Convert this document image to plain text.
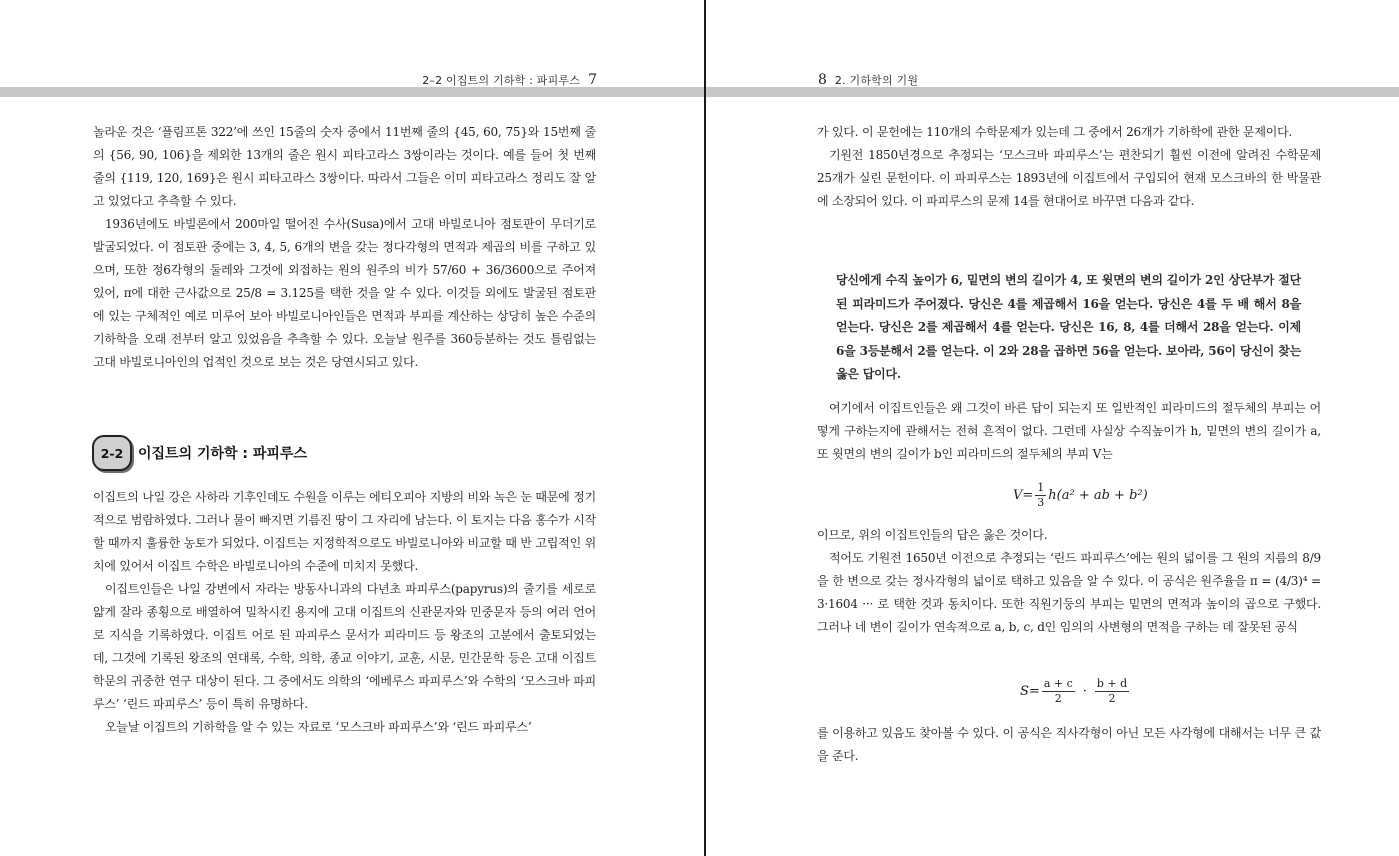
2–2 이집트의 기하학 : 파피루스 7	8 2. 기하학의 기원

놀라운 것은 ‘플림프톤 322’에 쓰인 15줄의 숫자 중에서 11번째 줄의 {45, 60, 75}와 15번째 줄의 {56, 90, 106}을 제외한 13개의 줄은 원시 피타고라스 3쌍이라는 것이다. 예를 들어 첫 번째 줄의 {119, 120, 169}은 원시 피타고라스 3쌍이다. 따라서 그들은 이미 피타고라스 정리도 잘 알고 있었다고 추측할 수 있다.

1936년에도 바빌론에서 200마일 떨어진 수사(Susa)에서 고대 바빌로니아 점토판이 무더기로 발굴되었다. 이 점토판 중에는 3, 4, 5, 6개의 변을 갖는 정다각형의 면적과 제곱의 비를 구하고 있으며, 또한 정6각형의 둘레와 그것에 외접하는 원의 원주의 비가 57/60 + 36/3600으로 주어져 있어, π에 대한 근사값으로 25/8 = 3.125를 택한 것을 알 수 있다. 이것들 외에도 발굴된 점토판에 있는 구체적인 예로 미루어 보아 바빌로니아인들은 면적과 부피를 계산하는 상당히 높은 수준의 기하학을 오래 전부터 알고 있었음을 추측할 수 있다. 오늘날 원주를 360등분하는 것도 틀림없는 고대 바빌로니아인의 업적인 것으로 보는 것은 당연시되고 있다.

2-2	이집트의 기하학 : 파피루스

이집트의 나일 강은 사하라 기후인데도 수원을 이루는 에티오피아 지방의 비와 녹은 눈 때문에 정기적으로 범람하였다. 그러나 물이 빠지면 기름진 땅이 그 자리에 남는다. 이 토지는 다음 홍수가 시작할 때까지 훌륭한 농토가 되었다. 이집트는 지정학적으로도 바빌로니아와 비교할 때 반 고립적인 위치에 있어서 이집트 수학은 바빌로니아의 수준에 미치지 못했다.

이집트인들은 나일 강변에서 자라는 방동사니과의 다년초 파피루스(papyrus)의 줄기를 세로로 얇게 잘라 종횡으로 배열하여 밀착시킨 용지에 고대 이집트의 신관문자와 민중문자 등의 여러 언어로 지식을 기록하였다. 이집트 어로 된 파피루스 문서가 피라미드 등 왕조의 고분에서 출토되었는데, 그것에 기록된 왕조의 연대록, 수학, 의학, 종교 이야기, 교훈, 시문, 민간문학 등은 고대 이집트 학문의 귀중한 연구 대상이 된다. 그 중에서도 의학의 ‘에베루스 파피루스’와 수학의 ‘모스크바 파피루스’ ‘린드 파피루스’ 등이 특히 유명하다.

오늘날 이집트의 기하학을 알 수 있는 자료로 ‘모스크바 파피루스’와 ‘린드 파피루스’

가 있다. 이 문헌에는 110개의 수학문제가 있는데 그 중에서 26개가 기하학에 관한 문제이다.

기원전 1850년경으로 추정되는 ‘모스크바 파피루스’는 편찬되기 훨씬 이전에 알려진 수학문제 25개가 실린 문헌이다. 이 파피루스는 1893년에 이집트에서 구입되어 현재 모스크바의 한 박물관에 소장되어 있다. 이 파피루스의 문제 14를 현대어로 바꾸면 다음과 같다.

당신에게 수직 높이가 6, 밑면의 변의 길이가 4, 또 윗면의 변의 길이가 2인 상단부가 절단된 피라미드가 주어졌다. 당신은 4를 제곱해서 16을 얻는다. 당신은 4를 두 배 해서 8을 얻는다. 당신은 2를 제곱해서 4를 얻는다. 당신은 16, 8, 4를 더해서 28을 얻는다. 이제 6을 3등분해서 2를 얻는다. 이 2와 28을 곱하면 56을 얻는다. 보아라, 56이 당신이 찾는 옳은 답이다.

여기에서 이집트인들은 왜 그것이 바른 답이 되는지 또 일반적인 피라미드의 절두체의 부피는 어떻게 구하는지에 관해서는 전혀 흔적이 없다. 그런데 사실상 수직높이가 h, 밑면의 변의 길이가 a, 또 윗면의 변의 길이가 b인 피라미드의 절두체의 부피 V는

$V= \frac{1}{3} h(a^2$ + ab + b²)

이므로, 위의 이집트인들의 답은 옳은 것이다.

적어도 기원전 1650년 이전으로 추정되는 ‘린드 파피루스’에는 원의 넓이를 그 원의 지름의 8/9을 한 변으로 갖는 정사각형의 넓이로 택하고 있음을 알 수 있다. 이 공식은 원주율을 π = (4/3)⁴ = 3·1604 ··· 로 택한 것과 동치이다. 또한 직원기둥의 부피는 밑면의 면적과 높이의 곱으로 구했다. 그러나 네 변이 길이가 연속적으로 a, b, c, d인 임의의 사변형의 면적을 구하는 데 잘못된 공식

$S= \frac{a + c}{2} \cdot \frac{b + d}{2}$

를 이용하고 있음도 찾아볼 수 있다. 이 공식은 직사각형이 아닌 모든 사각형에 대해서는 너무 큰 값을 준다.
